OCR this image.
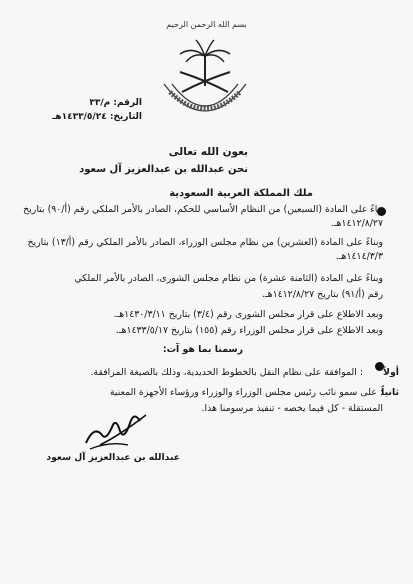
بسم الله الرحمن الرحيم
الرقم: م/٣٣
التاريخ: ١٤٣٣/٥/٢٤هـ
بعون الله تعالى
نحن عبدالله بن عبدالعزيز آل سعود
ملك المملكة العربية السعودية
بناءً على المادة (السبعين) من النظام الأساسي للحكم، الصادر بالأمر الملكي رقم (أ/٩٠) بتاريخ
١٤١٢/٨/٢٧هـ.
وبناءً على المادة (العشرين) من نظام مجلس الوزراء، الصادر بالأمر الملكي رقم (أ/١٣) بتاريخ
١٤١٤/٣/٣هـ.
وبناءً على المادة (الثامنة عشرة) من نظام مجلس الشورى، الصادر بالأمر الملكي
رقم (أ/٩١) بتاريخ ١٤١٢/٨/٢٧هـ.
وبعد الاطلاع على قرار مجلس الشورى رقم (٣/٤) بتاريخ ١٤٣٠/٣/١١هـ.
وبعد الاطلاع على قرار مجلس الوزراء رقم (١٥٥) بتاريخ ١٤٣٣/٥/١٧هـ.
رسمنا بما هو آت:
أولاً
: الموافقة على نظام النقل بالخطوط الحديدية، وذلك بالصيغة المرافقة.
ثانياً
: على سمو نائب رئيس مجلس الوزراء والوزراء ورؤساء الأجهزة المعنية
المستقلة - كل فيما يخصه - تنفيذ مرسومنا هذا.
عبدالله بن عبدالعزيز آل سعود
